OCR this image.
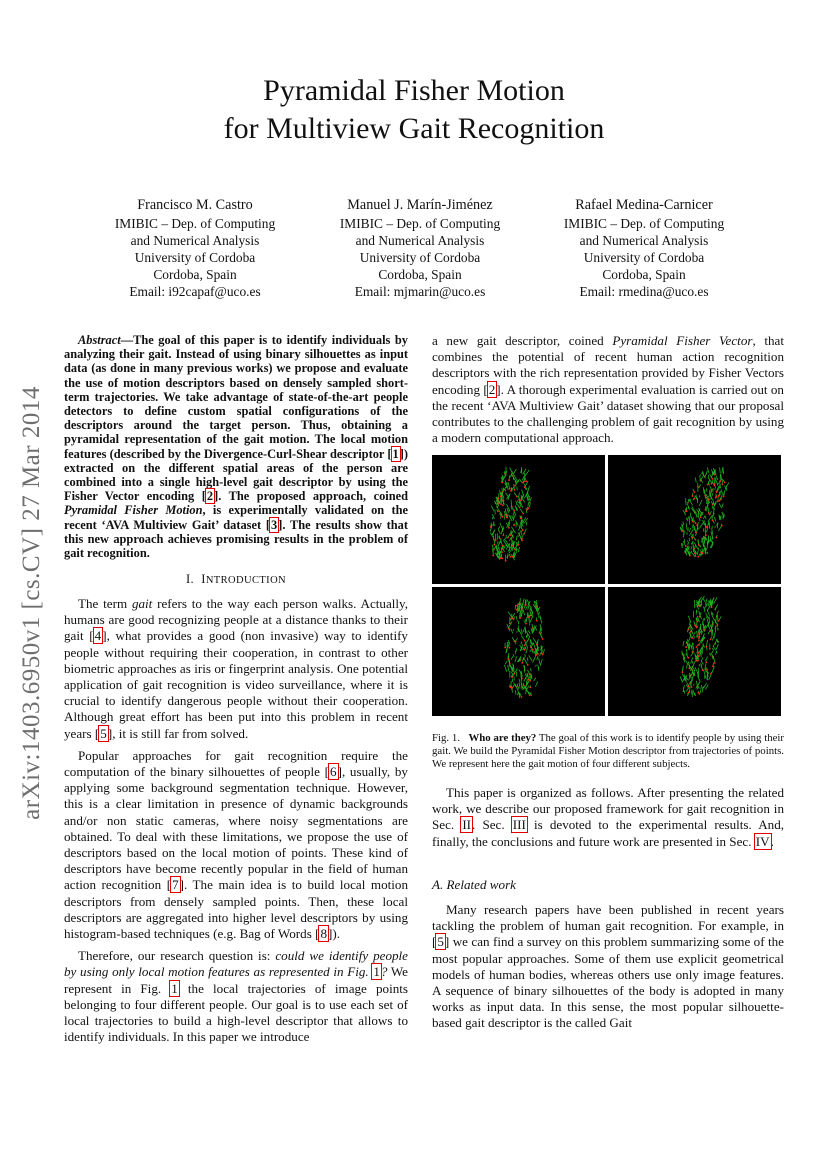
arXiv:1403.6950v1 [cs.CV] 27 Mar 2014
Pyramidal Fisher Motion
for Multiview Gait Recognition
Francisco M. Castro
IMIBIC – Dep. of Computing
and Numerical Analysis
University of Cordoba
Cordoba, Spain
Email: i92capaf@uco.es
Manuel J. Marín-Jiménez
IMIBIC – Dep. of Computing
and Numerical Analysis
University of Cordoba
Cordoba, Spain
Email: mjmarin@uco.es
Rafael Medina-Carnicer
IMIBIC – Dep. of Computing
and Numerical Analysis
University of Cordoba
Cordoba, Spain
Email: rmedina@uco.es

Abstract—The goal of this paper is to identify individuals by analyzing their gait. Instead of using binary silhouettes as input data (as done in many previous works) we propose and evaluate the use of motion descriptors based on densely sampled short-term trajectories. We take advantage of state-of-the-art people detectors to define custom spatial configurations of the descriptors around the target person. Thus, obtaining a pyramidal representation of the gait motion. The local motion features (described by the Divergence-Curl-Shear descriptor [1]) extracted on the different spatial areas of the person are combined into a single high-level gait descriptor by using the Fisher Vector encoding [2]. The proposed approach, coined Pyramidal Fisher Motion, is experimentally validated on the recent ‘AVA Multiview Gait’ dataset [3]. The results show that this new approach achieves promising results in the problem of gait recognition.

I. INTRODUCTION

The term gait refers to the way each person walks. Actually, humans are good recognizing people at a distance thanks to their gait [4], what provides a good (non invasive) way to identify people without requiring their cooperation, in contrast to other biometric approaches as iris or fingerprint analysis. One potential application of gait recognition is video surveillance, where it is crucial to identify dangerous people without their cooperation. Although great effort has been put into this problem in recent years [5], it is still far from solved.

Popular approaches for gait recognition require the computation of the binary silhouettes of people [6], usually, by applying some background segmentation technique. However, this is a clear limitation in presence of dynamic backgrounds and/or non static cameras, where noisy segmentations are obtained. To deal with these limitations, we propose the use of descriptors based on the local motion of points. These kind of descriptors have become recently popular in the field of human action recognition [7]. The main idea is to build local motion descriptors from densely sampled points. Then, these local descriptors are aggregated into higher level descriptors by using histogram-based techniques (e.g. Bag of Words [8]).

Therefore, our research question is: could we identify people by using only local motion features as represented in Fig. 1? We represent in Fig. 1 the local trajectories of image points belonging to four different people. Our goal is to use each set of local trajectories to build a high-level descriptor that allows to identify individuals. In this paper we introduce

a new gait descriptor, coined Pyramidal Fisher Vector, that combines the potential of recent human action recognition descriptors with the rich representation provided by Fisher Vectors encoding [2]. A thorough experimental evaluation is carried out on the recent ‘AVA Multiview Gait’ dataset showing that our proposal contributes to the challenging problem of gait recognition by using a modern computational approach.

Fig. 1. Who are they? The goal of this work is to identify people by using their gait. We build the Pyramidal Fisher Motion descriptor from trajectories of points. We represent here the gait motion of four different subjects.

This paper is organized as follows. After presenting the related work, we describe our proposed framework for gait recognition in Sec. II. Sec. III is devoted to the experimental results. And, finally, the conclusions and future work are presented in Sec. IV.

A. Related work

Many research papers have been published in recent years tackling the problem of human gait recognition. For example, in [5] we can find a survey on this problem summarizing some of the most popular approaches. Some of them use explicit geometrical models of human bodies, whereas others use only image features. A sequence of binary silhouettes of the body is adopted in many works as input data. In this sense, the most popular silhouette-based gait descriptor is the called Gait
